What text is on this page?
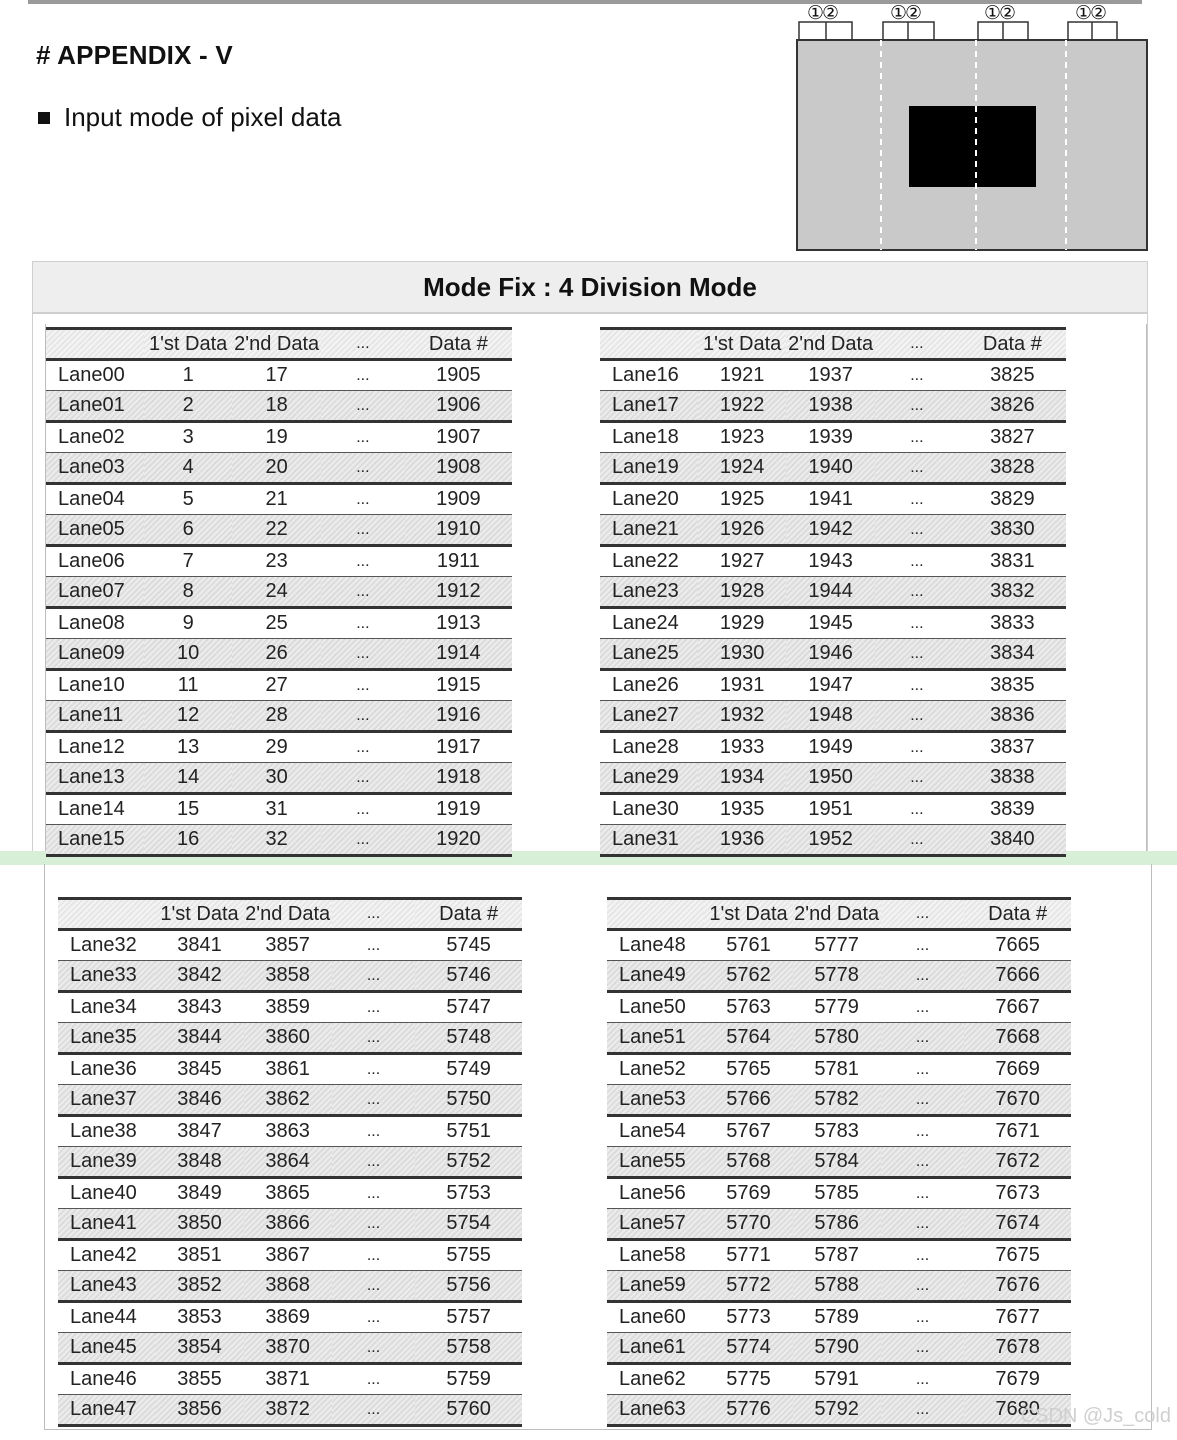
# APPENDIX - V
Input mode of pixel data
①②	①②	①②	①②
Mode Fix : 4 Division Mode
	1'st Data	2'nd Data	...	Data #
Lane00	1	17	...	1905
Lane01	2	18	...	1906
Lane02	3	19	...	1907
Lane03	4	20	...	1908
Lane04	5	21	...	1909
Lane05	6	22	...	1910
Lane06	7	23	...	1911
Lane07	8	24	...	1912
Lane08	9	25	...	1913
Lane09	10	26	...	1914
Lane10	11	27	...	1915
Lane11	12	28	...	1916
Lane12	13	29	...	1917
Lane13	14	30	...	1918
Lane14	15	31	...	1919
Lane15	16	32	...	1920
	1'st Data	2'nd Data	...	Data #
Lane16	1921	1937	...	3825
Lane17	1922	1938	...	3826
Lane18	1923	1939	...	3827
Lane19	1924	1940	...	3828
Lane20	1925	1941	...	3829
Lane21	1926	1942	...	3830
Lane22	1927	1943	...	3831
Lane23	1928	1944	...	3832
Lane24	1929	1945	...	3833
Lane25	1930	1946	...	3834
Lane26	1931	1947	...	3835
Lane27	1932	1948	...	3836
Lane28	1933	1949	...	3837
Lane29	1934	1950	...	3838
Lane30	1935	1951	...	3839
Lane31	1936	1952	...	3840
	1'st Data	2'nd Data	...	Data #
Lane32	3841	3857	...	5745
Lane33	3842	3858	...	5746
Lane34	3843	3859	...	5747
Lane35	3844	3860	...	5748
Lane36	3845	3861	...	5749
Lane37	3846	3862	...	5750
Lane38	3847	3863	...	5751
Lane39	3848	3864	...	5752
Lane40	3849	3865	...	5753
Lane41	3850	3866	...	5754
Lane42	3851	3867	...	5755
Lane43	3852	3868	...	5756
Lane44	3853	3869	...	5757
Lane45	3854	3870	...	5758
Lane46	3855	3871	...	5759
Lane47	3856	3872	...	5760
	1'st Data	2'nd Data	...	Data #
Lane48	5761	5777	...	7665
Lane49	5762	5778	...	7666
Lane50	5763	5779	...	7667
Lane51	5764	5780	...	7668
Lane52	5765	5781	...	7669
Lane53	5766	5782	...	7670
Lane54	5767	5783	...	7671
Lane55	5768	5784	...	7672
Lane56	5769	5785	...	7673
Lane57	5770	5786	...	7674
Lane58	5771	5787	...	7675
Lane59	5772	5788	...	7676
Lane60	5773	5789	...	7677
Lane61	5774	5790	...	7678
Lane62	5775	5791	...	7679
Lane63	5776	5792	...	7680
CSDN @Js_cold
